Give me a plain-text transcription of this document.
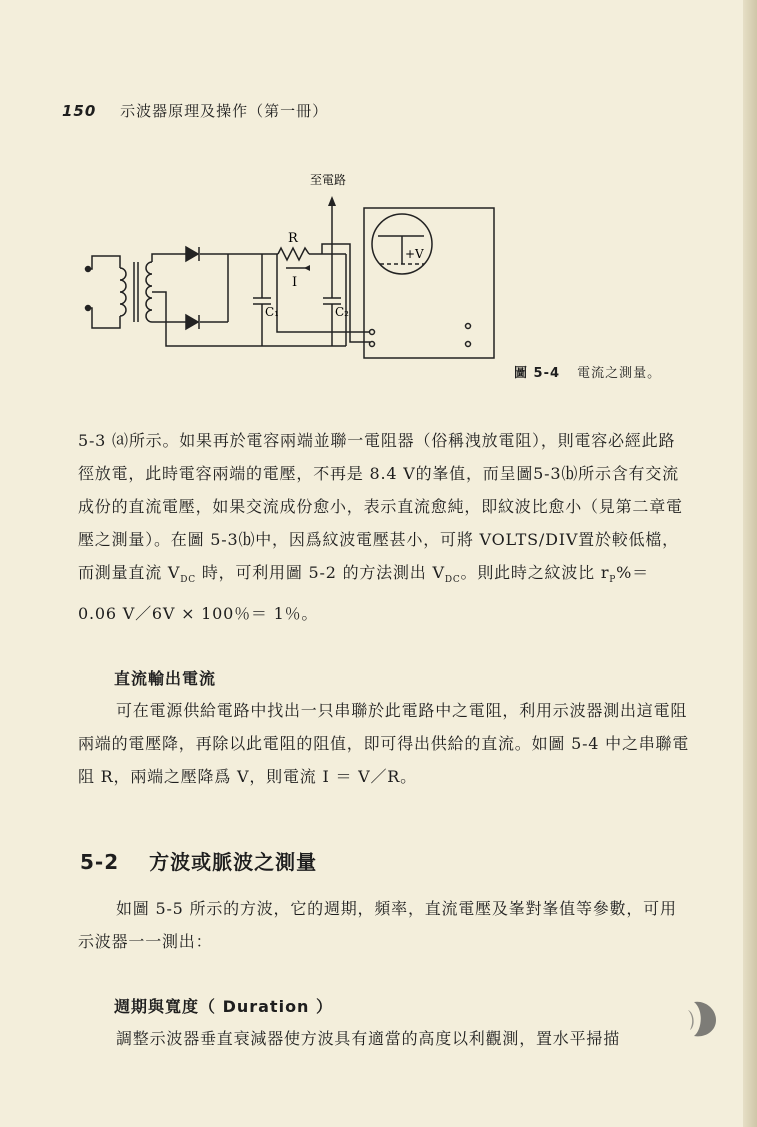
150 示波器原理及操作（第一冊）
至電路
R
I
C₁	C₂
+V
圖 5-4 電流之測量。

5-3 ⒜所示。如果再於電容兩端並聯一電阻器（俗稱洩放電阻），則電容必經此路徑放電，此時電容兩端的電壓，不再是 8.4 V的峯值，而呈圖5-3⒝所示含有交流成份的直流電壓，如果交流成份愈小，表示直流愈純，即紋波比愈小（見第二章電壓之測量）。在圖 5-3⒝中，因爲紋波電壓甚小，可將 VOLTS/DIV置於較低檔，而測量直流 $V_{DC}$ 時，可利用圖 5-2 的方法測出 $V_{DC}$。則此時之紋波比 $r_P\%= 0.06$ V／6V × 100％＝ 1％。

直流輸出電流

可在電源供給電路中找出一只串聯於此電路中之電阻，利用示波器測出這電阻兩端的電壓降，再除以此電阻的阻值，即可得出供給的直流。如圖 5-4 中之串聯電阻 R，兩端之壓降爲 V，則電流 I ＝ V／R。

5-2 方波或脈波之測量

如圖 5-5 所示的方波，它的週期，頻率，直流電壓及峯對峯值等參數，可用示波器一一測出：

週期與寬度（ Duration ）

調整示波器垂直衰減器使方波具有適當的高度以利觀測，置水平掃描
